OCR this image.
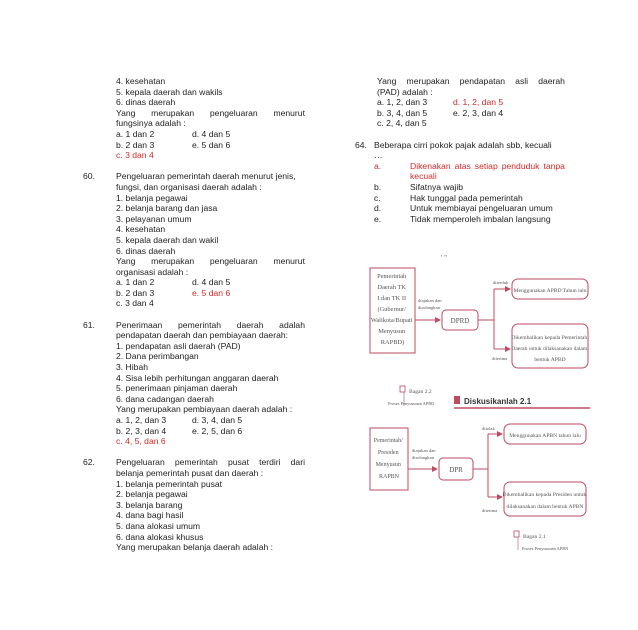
4. kesehatan
5. kepala daerah dan wakils
6. dinas daerah
Yang merupakan pengeluaran menurut
fungsinya adalah :
a. 1 dan 2	d. 4 dan 5
b. 2 dan 3	e. 5 dan 6
c. 3 dan 4
60. Pengeluaran pemerintah daerah menurut jenis,
fungsi, dan organisasi daerah adalah :
1. belanja pegawai
2. belanja barang dan jasa
3. pelayanan umum
4. kesehatan
5. kepala daerah dan wakil
6. dinas daerah
Yang merupakan pengeluaran menurut
organisasi adalah :
a. 1 dan 2	d. 4 dan 5
b. 2 dan 3	e. 5 dan 6
c. 3 dan 4
61. Penerimaan pemerintah daerah adalah
pendapatan daerah dan pembiayaan daerah:
1. pendapatan asli daerah (PAD)
2. Dana perimbangan
3. Hibah
4. Sisa lebih perhitungan anggaran daerah
5. penerimaan pinjaman daerah
6. dana cadangan daerah
Yang merupakan pembiayaan daerah adalah :
a. 1, 2, dan 3	d. 3, 4, dan 5
b. 2, 3, dan 4	e. 2, 5, dan 6
c. 4, 5, dan 6
62. Pengeluaran pemerintah pusat terdiri dari
belanja pemerintah pusat dan daerah :
1. belanja pemerintah pusat
2. belanja pegawai
3. belanja barang
4. dana bagi hasil
5. dana alokasi umum
6. dana alokasi khusus
Yang merupakan belanja daerah adalah :
Yang merupakan pendapatan asli daerah
(PAD) adalah :
a. 1, 2, dan 3	d. 1, 2, dan 5
b. 3, 4, dan 5	e. 2, 3, dan 4
c. 2, 4, dan 5
64. Beberapa cirri pokok pajak adalah sbb, kecuali
…
a.	Dikenakan atas setiap penduduk tanpa
kecuali
b.	Sifatnya wajib
c.	Hak tunggal pada pemerintah
d.	Untuk membiayai pengeluaran umum
e.	Tidak memperoleh imbalan langsung
' "
Pemerintah Daerah TK I dan TK II (Gubernur/ Walikota/Bupati Menyusun RAPBD)
diajukan dan dirolangkan
DPRD
diterduk
diterima
Menggunakan APBD Tahun lalu
Dikembalikan kepada Pemerintah Daerah untuk dilaksanakan dalam bentuk APBD
Bagan 2.2
Proses Penyusunan APBD	Diskusikanlah 2.1
Pemerintah/ Presiden Menyusun RAPBN
diajukan dan dirolangkan
DPR
ditolak
diterima
Menggunakan APBN tahun lalu
Dikembalikan kepada Presiden untuk dilaksanakan dalam bentuk APBN
Bagan 2.1
Proses Penyusunan APBN
